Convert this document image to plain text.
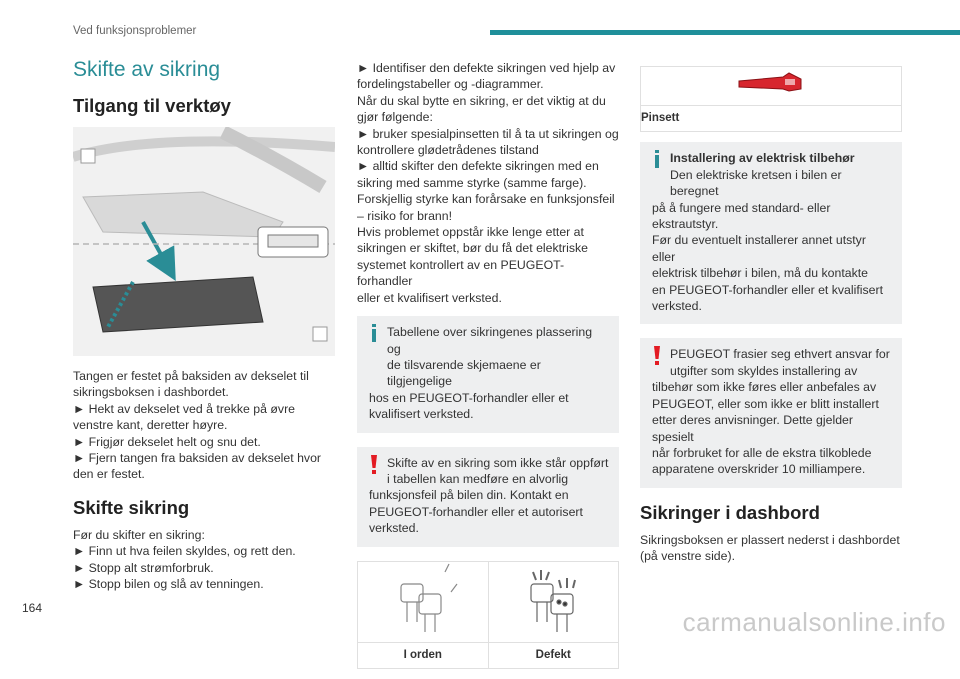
Ved funksjonsproblemer
Skifte av sikring
Tilgang til verktøy
Tangen er festet på baksiden av dekselet til
sikringsboksen i dashbordet.
► Hekt av dekselet ved å trekke på øvre
venstre kant, deretter høyre.
► Frigjør dekselet helt og snu det.
► Fjern tangen fra baksiden av dekselet hvor
den er festet.
Skifte sikring
Før du skifter en sikring:
► Finn ut hva feilen skyldes, og rett den.
► Stopp alt strømforbruk.
► Stopp bilen og slå av tenningen.
► Identifiser den defekte sikringen ved hjelp av
fordelingstabeller og -diagrammer.
Når du skal bytte en sikring, er det viktig at du
gjør følgende:
► bruker spesialpinsetten til å ta ut sikringen og
kontrollere glødetrådenes tilstand
► alltid skifter den defekte sikringen med en
sikring med samme styrke (samme farge).
Forskjellig styrke kan forårsake en funksjonsfeil
– risiko for brann!
Hvis problemet oppstår ikke lenge etter at
sikringen er skiftet, bør du få det elektriske
systemet kontrollert av en PEUGEOT-forhandler
eller et kvalifisert verksted.
Tabellene over sikringenes plassering og
de tilsvarende skjemaene er tilgjengelige
hos en PEUGEOT-forhandler eller et
kvalifisert verksted.
Skifte av en sikring som ikke står oppført
i tabellen kan medføre en alvorlig
funksjonsfeil på bilen din. Kontakt en
PEUGEOT-forhandler eller et autorisert
verksted.
I orden	Defekt
Pinsett
Installering av elektrisk tilbehør
Den elektriske kretsen i bilen er beregnet
på å fungere med standard- eller ekstrautstyr.
Før du eventuelt installerer annet utstyr eller
elektrisk tilbehør i bilen, må du kontakte
en PEUGEOT-forhandler eller et kvalifisert
verksted.
PEUGEOT frasier seg ethvert ansvar for
utgifter som skyldes installering av
tilbehør som ikke føres eller anbefales av
PEUGEOT, eller som ikke er blitt installert
etter deres anvisninger. Dette gjelder spesielt
når forbruket for alle de ekstra tilkoblede
apparatene overskrider 10 milliampere.
Sikringer i dashbord
Sikringsboksen er plassert nederst i dashbordet
(på venstre side).
164	carmanualsonline.info
